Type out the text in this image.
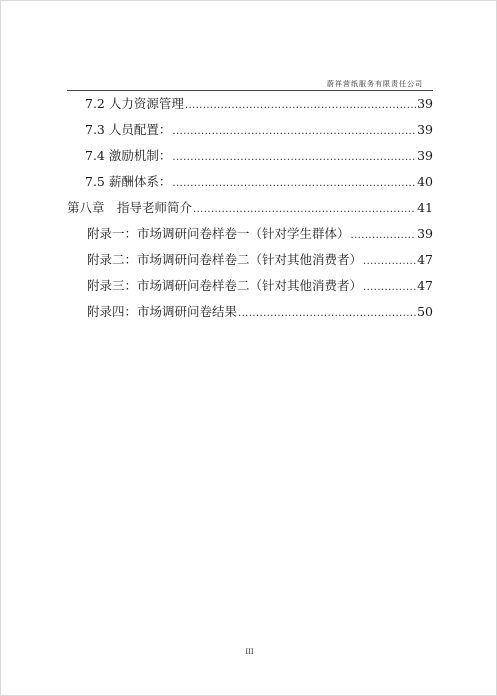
蔚祥营纸服务有限责任公司
7.2 人力资源管理 .....	39
7.3 人员配置： .....	39
7.4 激励机制： .....	39
7.5 薪酬体系： .....	40
第八章　指导老师简介 .....	41
附录一：市场调研问卷样卷一（针对学生群体） .....	39
附录二：市场调研问卷样卷二（针对其他消费者） .....	47
附录三：市场调研问卷样卷二（针对其他消费者） .....	47
附录四：市场调研问卷结果 .....	50
III
